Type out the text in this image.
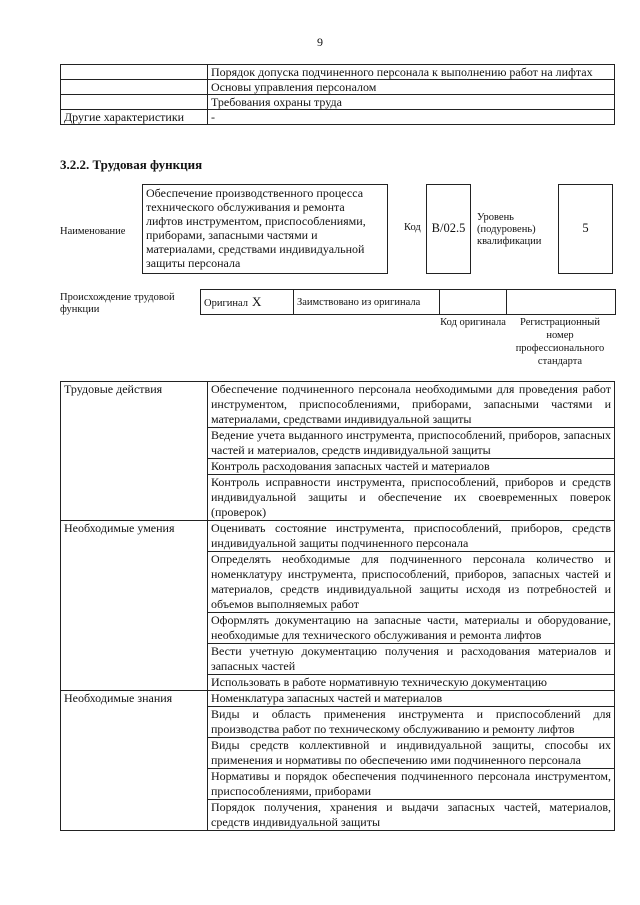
9
	Порядок допуска подчиненного персонала к выполнению работ на лифтах
	Основы управления персоналом
	Требования охраны труда
Другие характеристики	-
3.2.2. Трудовая функция
Наименование
Обеспечение производственного процесса технического обслуживания и ремонта лифтов инструментом, приспособлениями, приборами, запасными частями и материалами, средствами индивидуальной защиты персонала
Код B/02.5
Уровень (подуровень) квалификации
5
Происхождение трудовой функции
Оригинал X	Заимствовано из оригинала		
Код оригинала	Регистрационный номер профессионального стандарта
Трудовые действия	Обеспечение подчиненного персонала необходимыми для проведения работ инструментом, приспособлениями, приборами, запасными частями и материалами, средствами индивидуальной защиты
	Ведение учета выданного инструмента, приспособлений, приборов, запасных частей и материалов, средств индивидуальной защиты
	Контроль расходования запасных частей и материалов
	Контроль исправности инструмента, приспособлений, приборов и средств индивидуальной защиты и обеспечение их своевременных поверок (проверок)
Необходимые умения	Оценивать состояние инструмента, приспособлений, приборов, средств индивидуальной защиты подчиненного персонала
	Определять необходимые для подчиненного персонала количество и номенклатуру инструмента, приспособлений, приборов, запасных частей и материалов, средств индивидуальной защиты исходя из потребностей и объемов выполняемых работ
	Оформлять документацию на запасные части, материалы и оборудование, необходимые для технического обслуживания и ремонта лифтов
	Вести учетную документацию получения и расходования материалов и запасных частей
	Использовать в работе нормативную техническую документацию
Необходимые знания	Номенклатура запасных частей и материалов
	Виды и область применения инструмента и приспособлений для производства работ по техническому обслуживанию и ремонту лифтов
	Виды средств коллективной и индивидуальной защиты, способы их применения и нормативы по обеспечению ими подчиненного персонала
	Нормативы и порядок обеспечения подчиненного персонала инструментом, приспособлениями, приборами
	Порядок получения, хранения и выдачи запасных частей, материалов, средств индивидуальной защиты
